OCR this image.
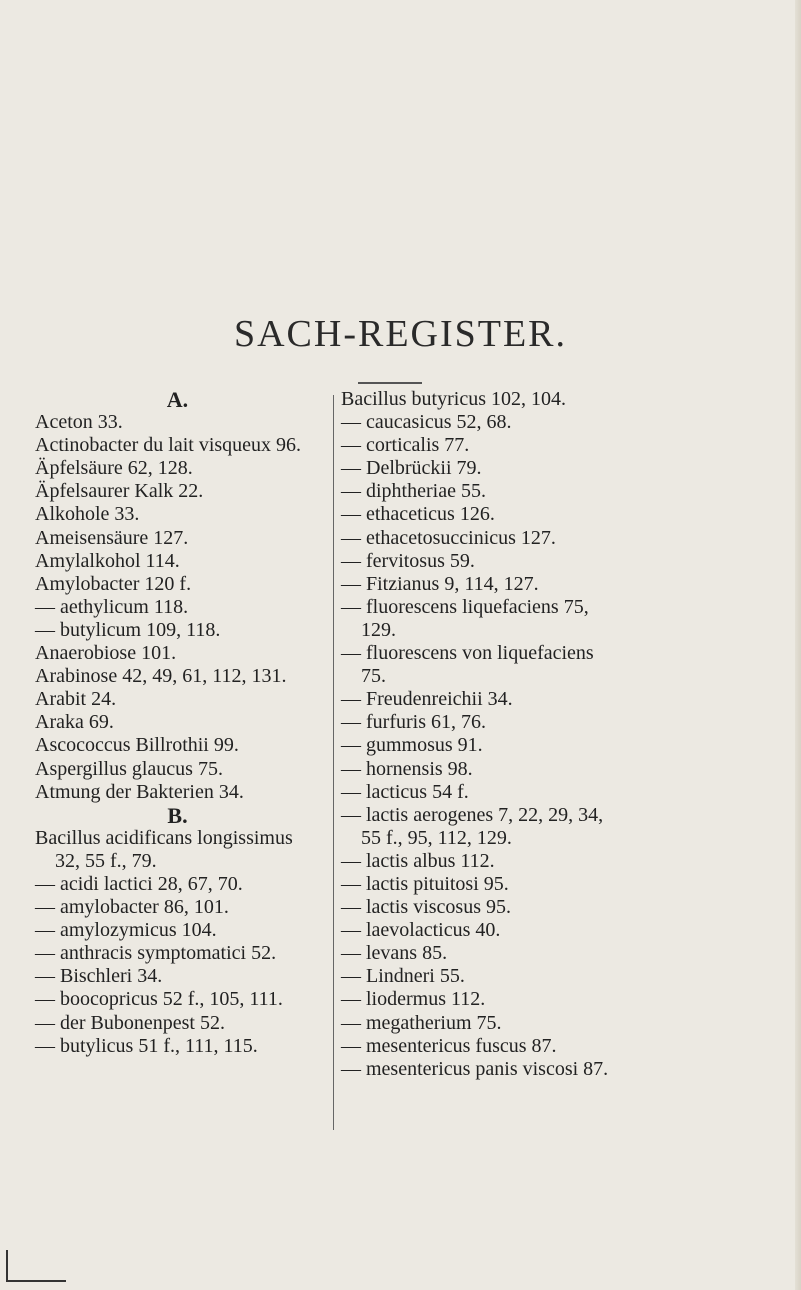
SACH-REGISTER.
A.
Aceton 33.
Actinobacter du lait visqueux 96.
Äpfelsäure 62, 128.
Äpfelsaurer Kalk 22.
Alkohole 33.
Ameisensäure 127.
Amylalkohol 114.
Amylobacter 120 f.
— aethylicum 118.
— butylicum 109, 118.
Anaerobiose 101.
Arabinose 42, 49, 61, 112, 131.
Arabit 24.
Araka 69.
Ascococcus Billrothii 99.
Aspergillus glaucus 75.
Atmung der Bakterien 34.
B.
Bacillus acidificans longissimus
32, 55 f., 79.
— acidi lactici 28, 67, 70.
— amylobacter 86, 101.
— amylozymicus 104.
— anthracis symptomatici 52.
— Bischleri 34.
— boocopricus 52 f., 105, 111.
— der Bubonenpest 52.
— butylicus 51 f., 111, 115.
Bacillus butyricus 102, 104.
— caucasicus 52, 68.
— corticalis 77.
— Delbrückii 79.
— diphtheriae 55.
— ethaceticus 126.
— ethacetosuccinicus 127.
— fervitosus 59.
— Fitzianus 9, 114, 127.
— fluorescens liquefaciens 75,
129.
— fluorescens von liquefaciens
75.
— Freudenreichii 34.
— furfuris 61, 76.
— gummosus 91.
— hornensis 98.
— lacticus 54 f.
— lactis aerogenes 7, 22, 29, 34,
55 f., 95, 112, 129.
— lactis albus 112.
— lactis pituitosi 95.
— lactis viscosus 95.
— laevolacticus 40.
— levans 85.
— Lindneri 55.
— liodermus 112.
— megatherium 75.
— mesentericus fuscus 87.
— mesentericus panis viscosi 87.
